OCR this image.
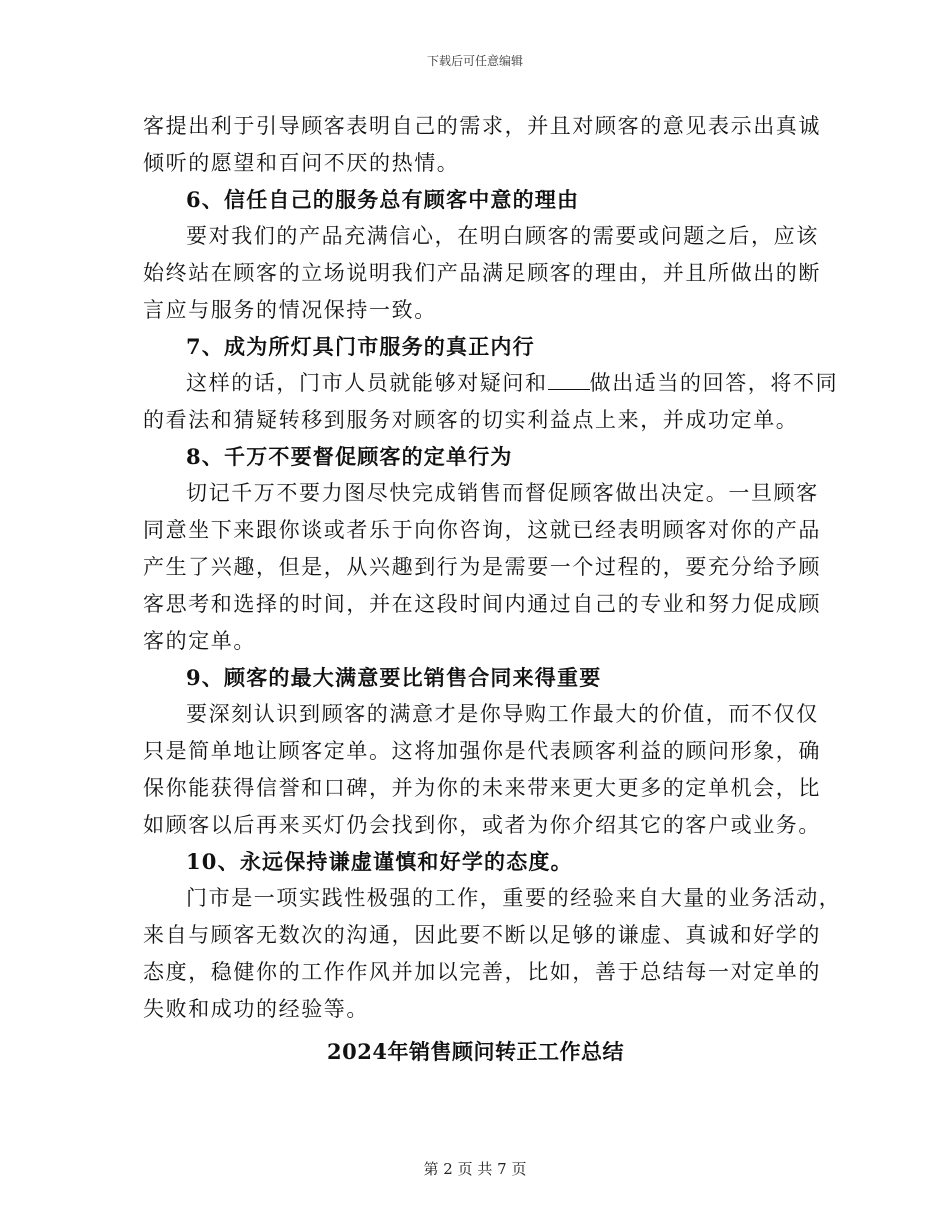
下载后可任意编辑
客提出利于引导顾客表明自己的需求，并且对顾客的意见表示出真诚
倾听的愿望和百问不厌的热情。
6、信任自己的服务总有顾客中意的理由
要对我们的产品充满信心，在明白顾客的需要或问题之后，应该
始终站在顾客的立场说明我们产品满足顾客的理由，并且所做出的断
言应与服务的情况保持一致。
7、成为所灯具门市服务的真正内行
这样的话，门市人员就能够对疑问和 做出适当的回答，将不同
的看法和猜疑转移到服务对顾客的切实利益点上来，并成功定单。
8、千万不要督促顾客的定单行为
切记千万不要力图尽快完成销售而督促顾客做出决定。一旦顾客
同意坐下来跟你谈或者乐于向你咨询，这就已经表明顾客对你的产品
产生了兴趣，但是，从兴趣到行为是需要一个过程的，要充分给予顾
客思考和选择的时间，并在这段时间内通过自己的专业和努力促成顾
客的定单。
9、顾客的最大满意要比销售合同来得重要
要深刻认识到顾客的满意才是你导购工作最大的价值，而不仅仅
只是简单地让顾客定单。这将加强你是代表顾客利益的顾问形象，确
保你能获得信誉和口碑，并为你的未来带来更大更多的定单机会，比
如顾客以后再来买灯仍会找到你，或者为你介绍其它的客户或业务。
10、永远保持谦虚谨慎和好学的态度。
门市是一项实践性极强的工作，重要的经验来自大量的业务活动，
来自与顾客无数次的沟通，因此要不断以足够的谦虚、真诚和好学的
态度，稳健你的工作作风并加以完善，比如，善于总结每一对定单的
失败和成功的经验等。
2024年销售顾问转正工作总结
第 2 页 共 7 页
